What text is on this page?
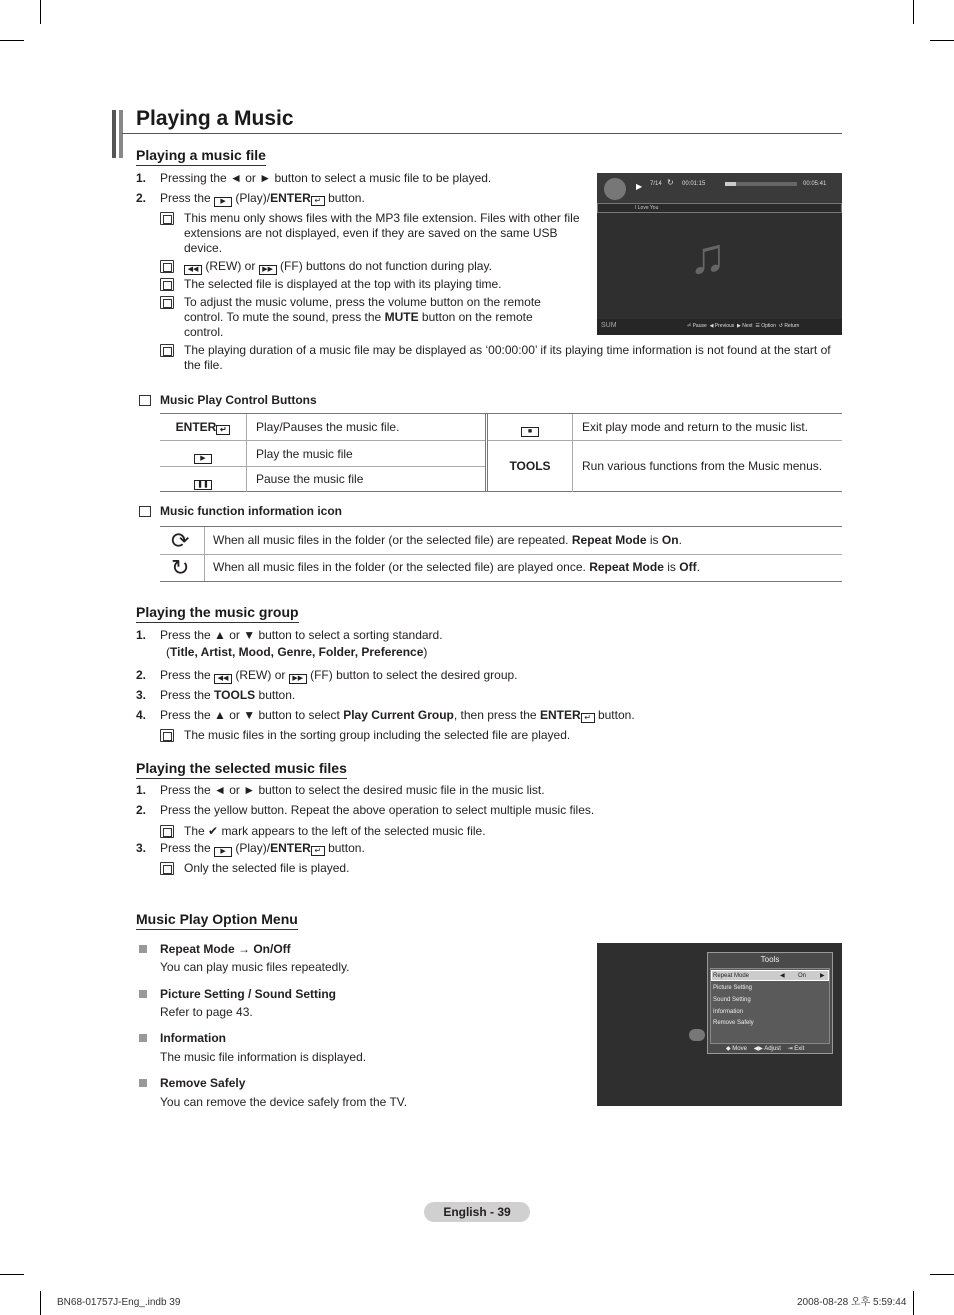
Playing a Music
Playing a music file
1. Pressing the ◄ or ► button to select a music file to be played.
2. Press the ▶ (Play)/ENTER ↵ button.
This menu only shows files with the MP3 file extension. Files with other file extensions are not displayed, even if they are saved on the same USB device.
◀◀ (REW) or ▶▶ (FF) buttons do not function during play.
The selected file is displayed at the top with its playing time.
To adjust the music volume, press the volume button on the remote control. To mute the sound, press the MUTE button on the remote control.
The playing duration of a music file may be displayed as ‘00:00:00’ if its playing time information is not found at the start of the file.
▶ 7/14 ↻ 00:01:15	00:05:41
I Love You
♫
SUM	⏎ Pause ◀ Previous ▶ Next ☰ Option ↺ Return
Music Play Control Buttons
ENTER ↵	Play/Pauses the music file.
▶	Play the music file
❚❚	Pause the music file
■	Exit play mode and return to the music list.
TOOLS	Run various functions from the Music menus.
Music function information icon
⟳
↻
When all music files in the folder (or the selected file) are repeated. Repeat Mode is On.
When all music files in the folder (or the selected file) are played once. Repeat Mode is Off.
Playing the music group
1. Press the ▲ or ▼ button to select a sorting standard.
(Title, Artist, Mood, Genre, Folder, Preference)
2. Press the ◀◀ (REW) or ▶▶ (FF) button to select the desired group.
3. Press the TOOLS button.
4. Press the ▲ or ▼ button to select Play Current Group, then press the ENTER ↵ button.
The music files in the sorting group including the selected file are played.
Playing the selected music files
1. Press the ◄ or ► button to select the desired music file in the music list.
2. Press the yellow button. Repeat the above operation to select multiple music files.
The ✔ mark appears to the left of the selected music file.
3. Press the ▶ (Play)/ENTER ↵ button.
Only the selected file is played.
Music Play Option Menu
Repeat Mode → On/Off
You can play music files repeatedly.
Picture Setting / Sound Setting
Refer to page 43.
Information
The music file information is displayed.
Remove Safely
You can remove the device safely from the TV.
Tools
Repeat Mode	◀ On ▶
Picture Setting
Sound Setting
Information
Remove Safely
◆ Move ◀▶ Adjust ⇥ Exit
English - 39
BN68-01757J-Eng_.indb 39	2008-08-28 오후 5:59:44
